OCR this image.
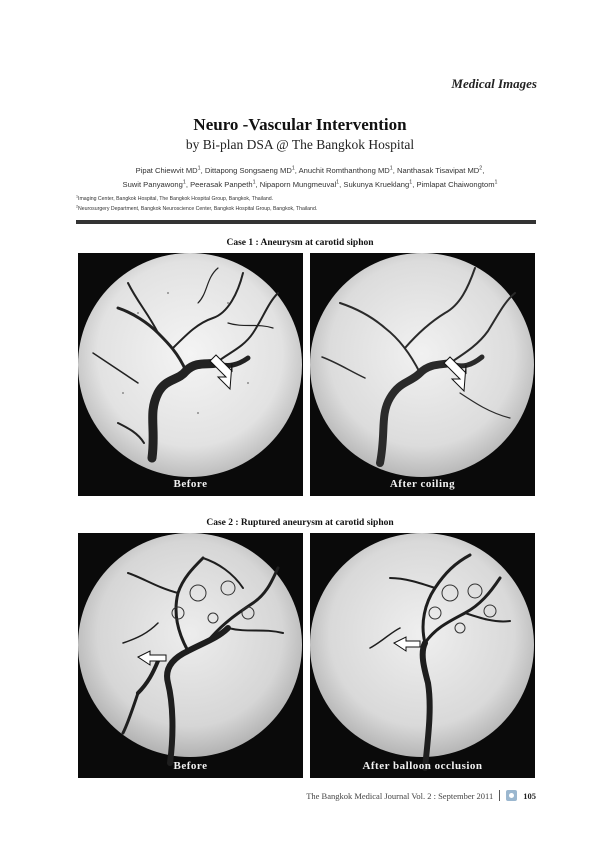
Medical Images
Neuro -Vascular Intervention
by Bi-plan DSA @ The Bangkok Hospital
Pipat Chiewvit $MD^1$, Dittapong Songsaeng $MD^1$, Anuchit Romthanthong $MD^1$, Nanthasak Tisavipat $MD^2$,
Suwit Panyawong$^1$, Peerasak Panpeth$^1$, Nipaporn Mungmeuval$^1$, Sukunya Krueklang$^1$, Pimlapat Chaiwongtom$^1$
$^1$Imaging Center, Bangkok Hospital, The Bangkok Hospital Group, Bangkok, Thailand.
$^2$Neurosurgery Department, Bangkok Neuroscience Center, Bangkok Hospital Group, Bangkok, Thailand.
Case 1 : Aneurysm at carotid siphon
Before	After coiling
Case 2 : Ruptured aneurysm at carotid siphon
Before	After balloon occlusion
The Bangkok Medical Journal Vol. 2 : September 2011	105
